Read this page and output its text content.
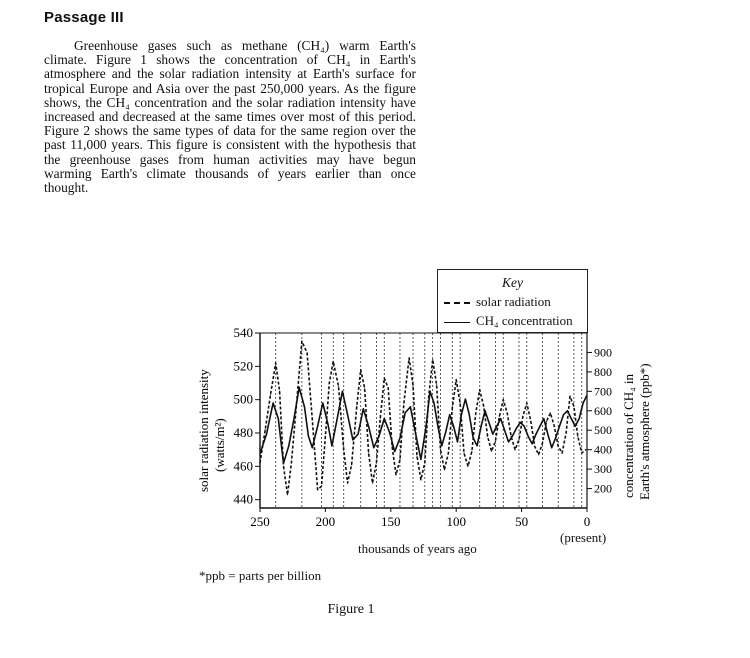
Passage III

Greenhouse gases such as methane (CH₄) warm Earth's climate. Figure 1 shows the concentration of CH₄ in Earth's atmosphere and the solar radiation intensity at Earth's surface for tropical Europe and Asia over the past 250,000 years. As the figure shows, the CH₄ concentration and the solar radiation intensity have increased and decreased at the same times over most of this period. Figure 2 shows the same types of data for the same region over the past 11,000 years. This figure is consistent with the hypothesis that the greenhouse gases from human activities may have begun warming Earth's climate thousands of years earlier than once thought.

440
460
480
500
520
540
200
300
400
500
600
700
800
900
250	200	150	100	50	0
Key
solar radiation
CH₄ concentration
solar radiation intensity (watts/m²)	concentration of CH₄ in Earth's atmosphere (ppb*)
thousands of years ago
(present)
*ppb = parts per billion
Figure 1
